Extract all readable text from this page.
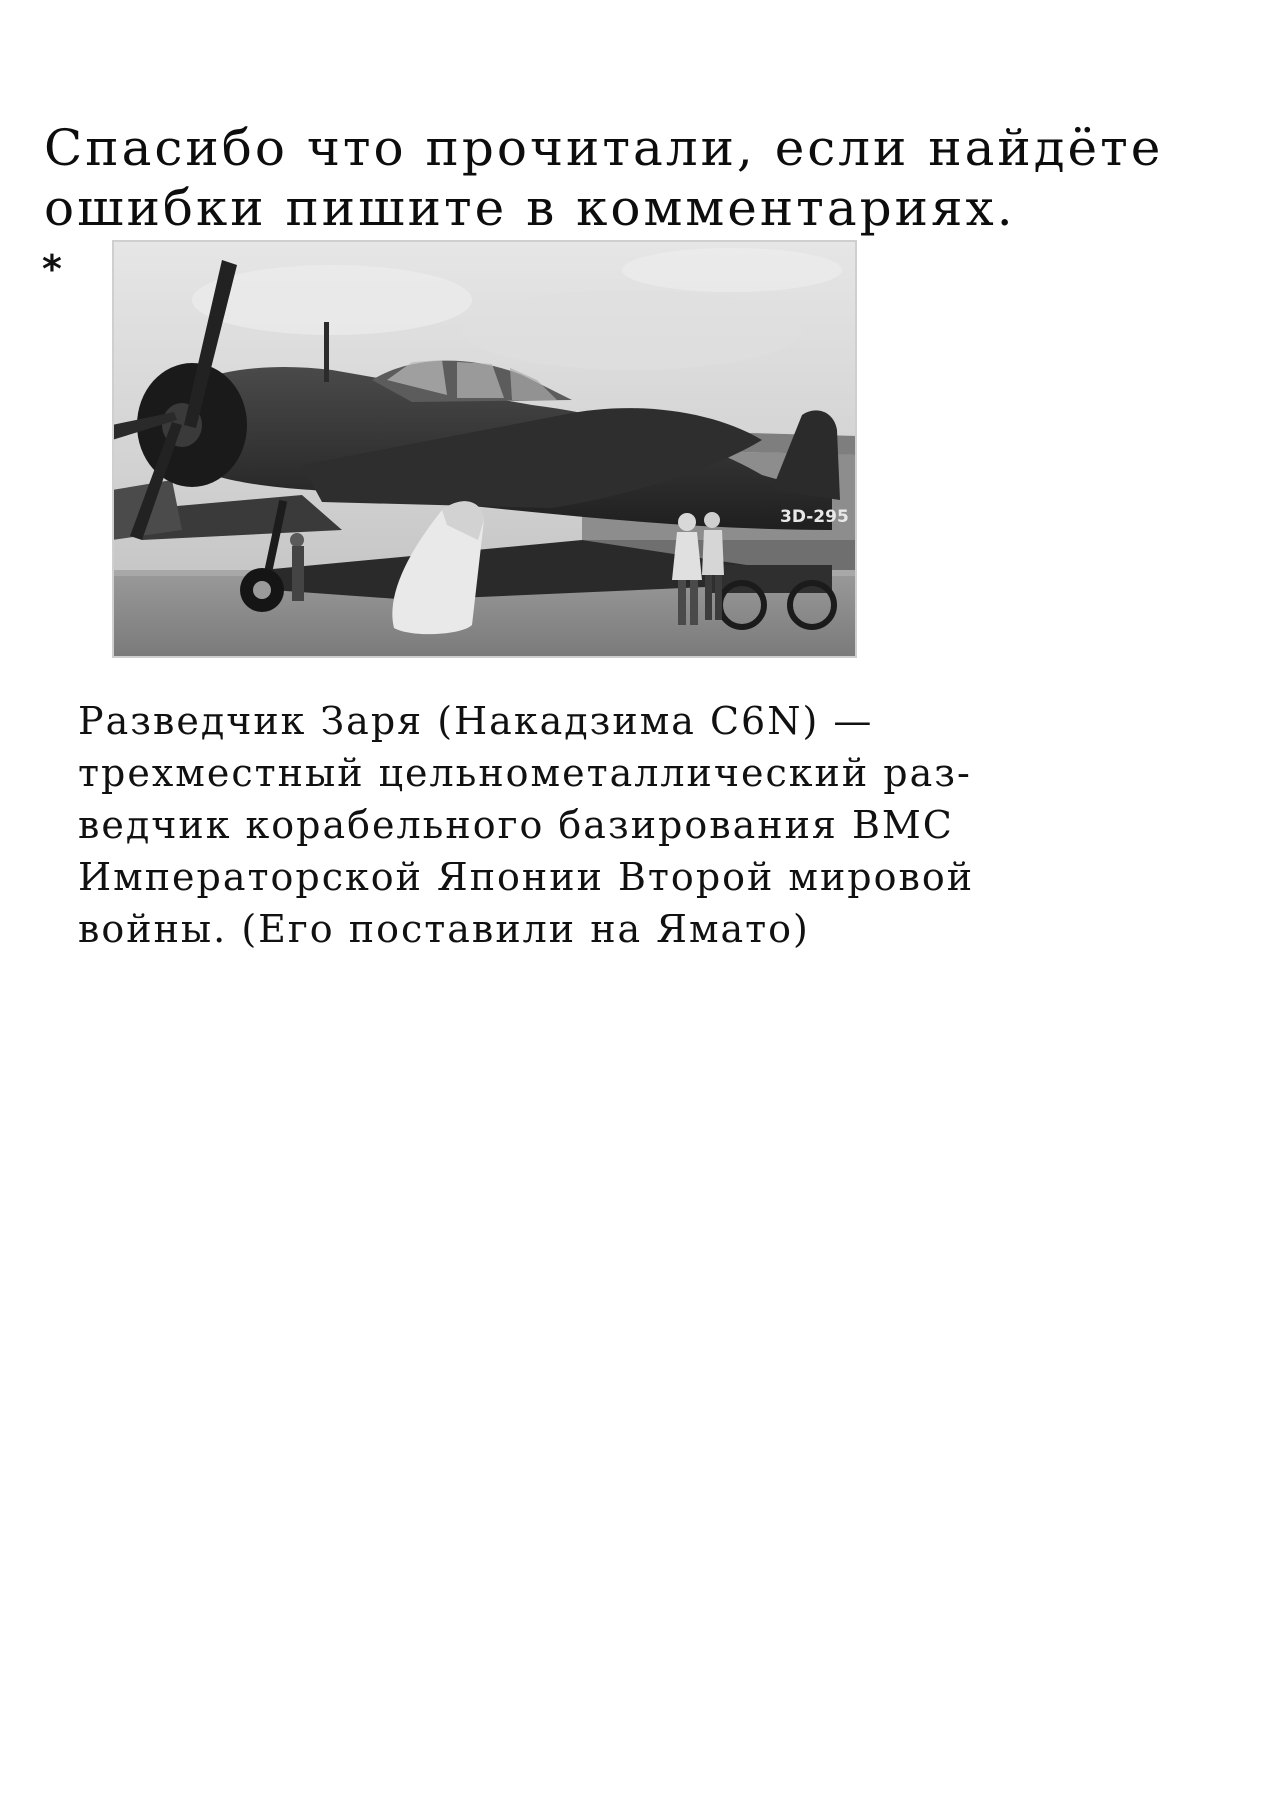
Спасибо что прочитали, если найдёте
ошибки пишите в комментариях.
*
3D-295

Разведчик Заря (Накадзима C6N) —
трехместный цельнометаллический раз-
ведчик корабельного базирования ВМС
Императорской Японии Второй мировой
войны. (Его поставили на Ямато)
